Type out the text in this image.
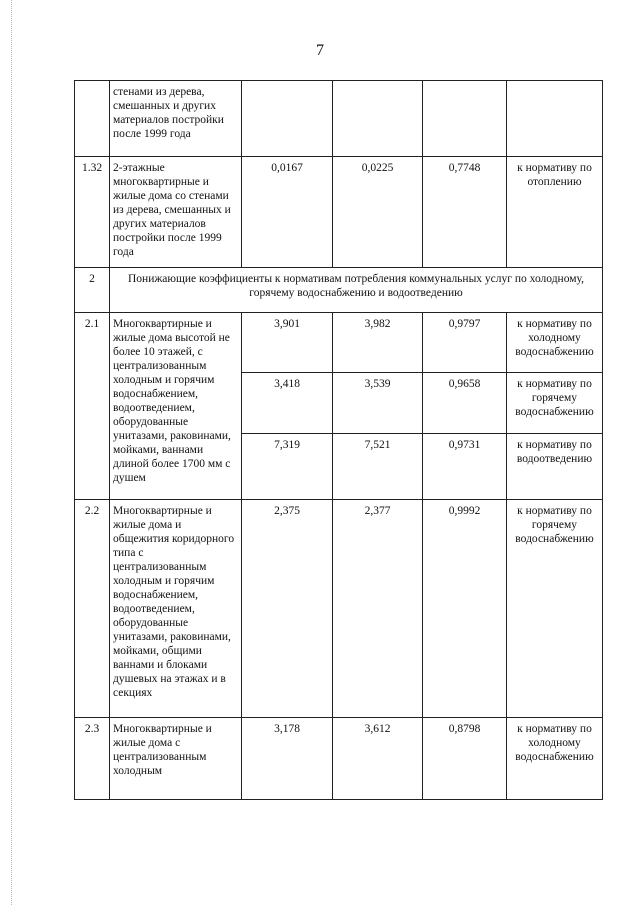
7
	стенами из дерева, смешанных и других материалов постройки после 1999 года				
1.32	2-этажные многоквартирные и жилые дома со стенами из дерева, смешанных и других материалов постройки после 1999 года	0,0167	0,0225	0,7748	к нормативу по отоплению
2	Понижающие коэффициенты к нормативам потребления коммунальных услуг по холодному, горячему водоснабжению и водоотведению				
2.1	Многоквартирные и жилые дома высотой не более 10 этажей, с централизованным холодным и горячим водоснабжением, водоотведением, оборудованные унитазами, раковинами, мойками, ваннами длиной более 1700 мм с душем	3,901	3,982	0,9797	к нормативу по холодному водоснабжению
		3,418	3,539	0,9658	к нормативу по горячему водоснабжению
		7,319	7,521	0,9731	к нормативу по водоотведению
2.2	Многоквартирные и жилые дома и общежития коридорного типа с централизованным холодным и горячим водоснабжением, водоотведением, оборудованные унитазами, раковинами, мойками, общими ваннами и блоками душевых на этажах и в секциях	2,375	2,377	0,9992	к нормативу по горячему водоснабжению
2.3	Многоквартирные и жилые дома с централизованным холодным	3,178	3,612	0,8798	к нормативу по холодному водоснабжению
